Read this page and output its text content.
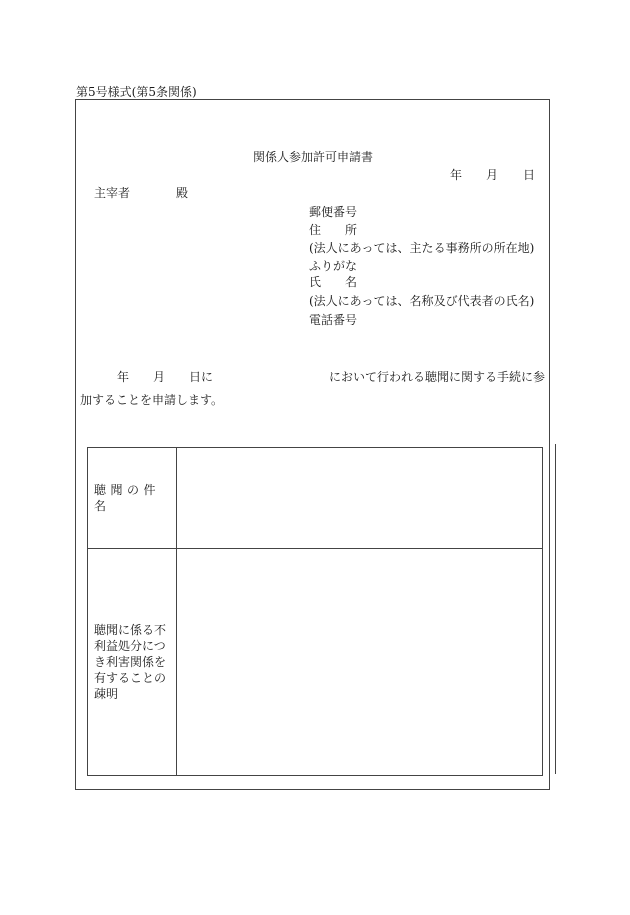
第5号様式(第5条関係)
関係人参加許可申請書
年 月 日
主宰者	殿
郵便番号
住　　所
(法人にあっては、主たる事務所の所在地)
ふりがな
氏　　名
(法人にあっては、名称及び代表者の氏名)
電話番号
年　　月　　日に	において行われる聴聞に関する手続に参
加することを申請します。
聴聞の件名	

聴聞に係る不利益処分につき利害関係を有することの疎明	
